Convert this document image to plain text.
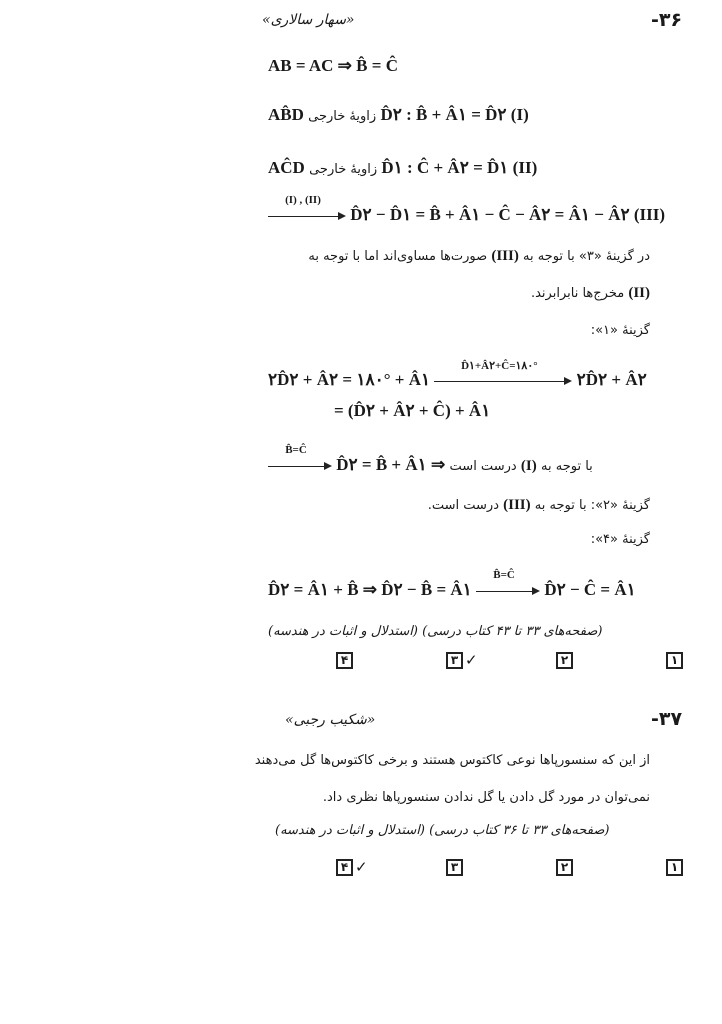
-۳۶
«سهار سالاری»
AB = AC ⇒ B̂ = Ĉ
AB̂D زاویهٔ خارجی D̂۲ : B̂ + Â۱ = D̂۲ (I)
AĈD زاویهٔ خارجی D̂۱ : Ĉ + Â۲ = D̂۱ (II)
(I) , (II)
D̂۲ − D̂۱ = B̂ + Â۱ − Ĉ − Â۲ = Â۱ − Â۲ (III)
در گزینهٔ «۳» با توجه به (III) صورت‌ها مساوی‌اند اما با توجه به
(II) مخرج‌ها نابرابرند.
گزینهٔ «۱»:
۲D̂۲ + Â۲ = ۱۸۰° + Â۱
D̂۱+Â۲+Ĉ=۱۸۰°
۲D̂۲ + Â۲
= (D̂۲ + Â۲ + Ĉ) + Â۱
B̂=Ĉ
D̂۲ = B̂ + Â۱ ⇒ درست است (I) با توجه به
گزینهٔ «۲»: با توجه به (III) درست است.
گزینهٔ «۴»:
D̂۲ = Â۱ + B̂ ⇒ D̂۲ − B̂ = Â۱
B̂=Ĉ
D̂۲ − Ĉ = Â۱
(صفحه‌های ۳۳ تا ۴۳ کتاب درسی) (استدلال و اثبات در هندسه)
۴	۳ ✓	۲	۱
-۳۷
«شکیب رجبی»
از این که سنسورپاها نوعی کاکتوس هستند و برخی کاکتوس‌ها گل می‌دهند
نمی‌توان در مورد گل دادن یا گل ندادن سنسورپاها نظری داد.
(صفحه‌های ۳۳ تا ۳۶ کتاب درسی) (استدلال و اثبات در هندسه)
۴ ✓	۳	۲	۱
